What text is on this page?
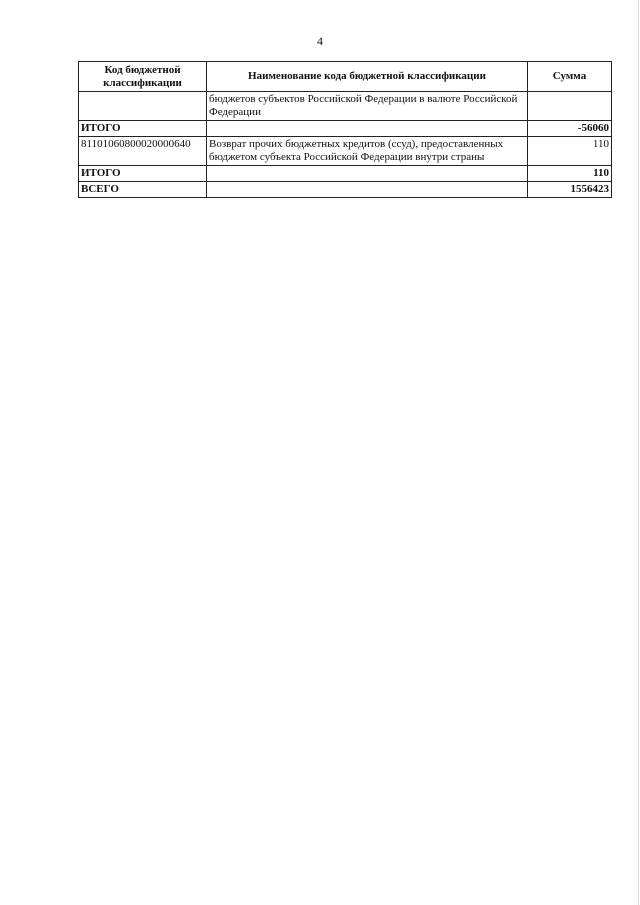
4
Код бюджетной классификации	Наименование кода бюджетной классификации	Сумма
	бюджетов субъектов Российской Федерации в валюте Российской Федерации	
ИТОГО		-56060
81101060800020000640	Возврат прочих бюджетных кредитов (ссуд), предоставленных бюджетом субъекта Российской Федерации внутри страны	110
ИТОГО		110
ВСЕГО		1556423
